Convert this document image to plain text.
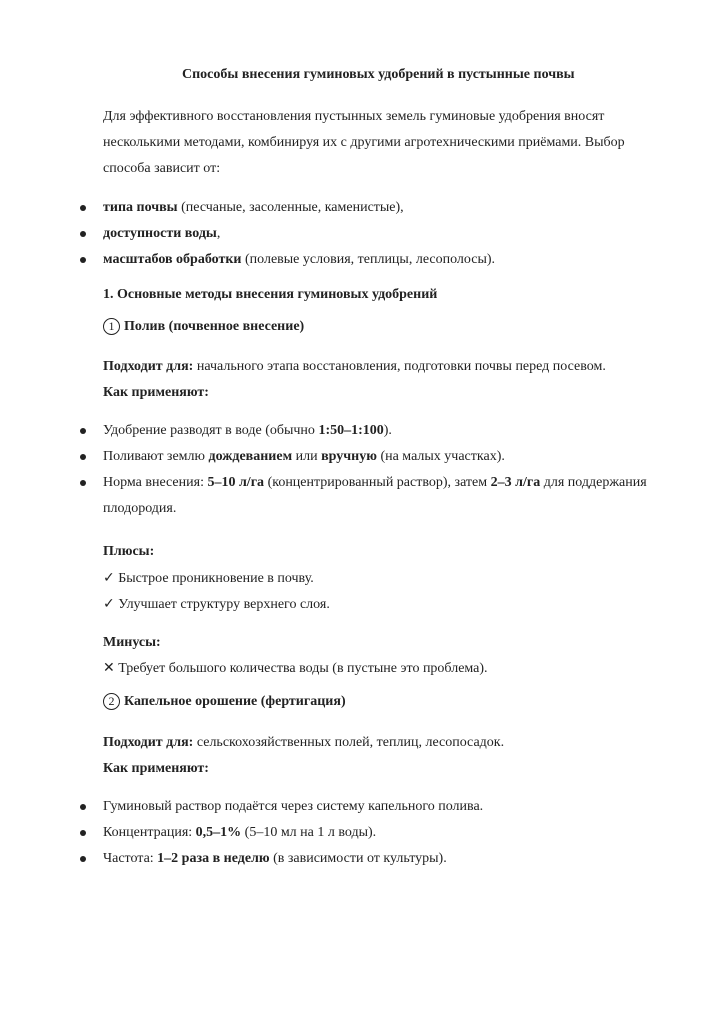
Способы внесения гуминовых удобрений в пустынные почвы
Для эффективного восстановления пустынных земель гуминовые удобрения вносят
несколькими методами, комбинируя их с другими агротехническими приёмами. Выбор
способа зависит от:
типа почвы (песчаные, засоленные, каменистые),
доступности воды,
масштабов обработки (полевые условия, теплицы, лесополосы).
1. Основные методы внесения гуминовых удобрений
1 Полив (почвенное внесение)
Подходит для: начального этапа восстановления, подготовки почвы перед посевом.
Как применяют:
Удобрение разводят в воде (обычно 1:50–1:100).
Поливают землю дождеванием или вручную (на малых участках).
Норма внесения: 5–10 л/га (концентрированный раствор), затем 2–3 л/га для поддержания
плодородия.
Плюсы:
✓ Быстрое проникновение в почву.
✓ Улучшает структуру верхнего слоя.
Минусы:
✕ Требует большого количества воды (в пустыне это проблема).
2 Капельное орошение (фертигация)
Подходит для: сельскохозяйственных полей, теплиц, лесопосадок.
Как применяют:
Гуминовый раствор подаётся через систему капельного полива.
Концентрация: 0,5–1% (5–10 мл на 1 л воды).
Частота: 1–2 раза в неделю (в зависимости от культуры).
